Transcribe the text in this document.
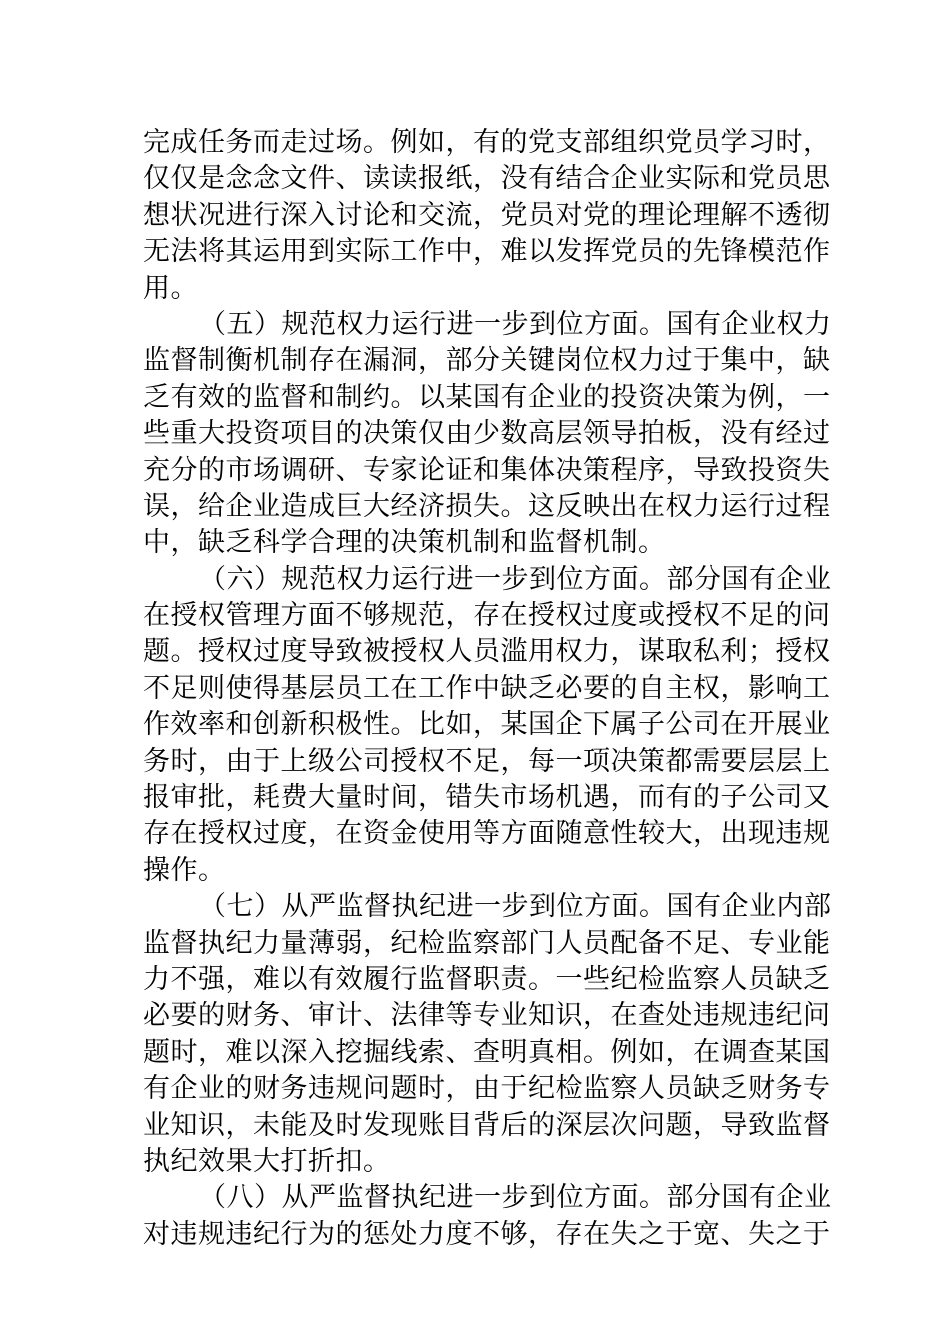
完成任务而走过场。例如，有的党支部组织党员学习时，
仅仅是念念文件、读读报纸，没有结合企业实际和党员思
想状况进行深入讨论和交流，党员对党的理论理解不透彻
无法将其运用到实际工作中，难以发挥党员的先锋模范作
用。
（五）规范权力运行进一步到位方面。国有企业权力
监督制衡机制存在漏洞，部分关键岗位权力过于集中，缺
乏有效的监督和制约。以某国有企业的投资决策为例，一
些重大投资项目的决策仅由少数高层领导拍板，没有经过
充分的市场调研、专家论证和集体决策程序，导致投资失
误，给企业造成巨大经济损失。这反映出在权力运行过程
中，缺乏科学合理的决策机制和监督机制。
（六）规范权力运行进一步到位方面。部分国有企业
在授权管理方面不够规范，存在授权过度或授权不足的问
题。授权过度导致被授权人员滥用权力，谋取私利；授权
不足则使得基层员工在工作中缺乏必要的自主权，影响工
作效率和创新积极性。比如，某国企下属子公司在开展业
务时，由于上级公司授权不足，每一项决策都需要层层上
报审批，耗费大量时间，错失市场机遇，而有的子公司又
存在授权过度，在资金使用等方面随意性较大，出现违规
操作。
（七）从严监督执纪进一步到位方面。国有企业内部
监督执纪力量薄弱，纪检监察部门人员配备不足、专业能
力不强，难以有效履行监督职责。一些纪检监察人员缺乏
必要的财务、审计、法律等专业知识，在查处违规违纪问
题时，难以深入挖掘线索、查明真相。例如，在调查某国
有企业的财务违规问题时，由于纪检监察人员缺乏财务专
业知识，未能及时发现账目背后的深层次问题，导致监督
执纪效果大打折扣。
（八）从严监督执纪进一步到位方面。部分国有企业
对违规违纪行为的惩处力度不够，存在失之于宽、失之于
